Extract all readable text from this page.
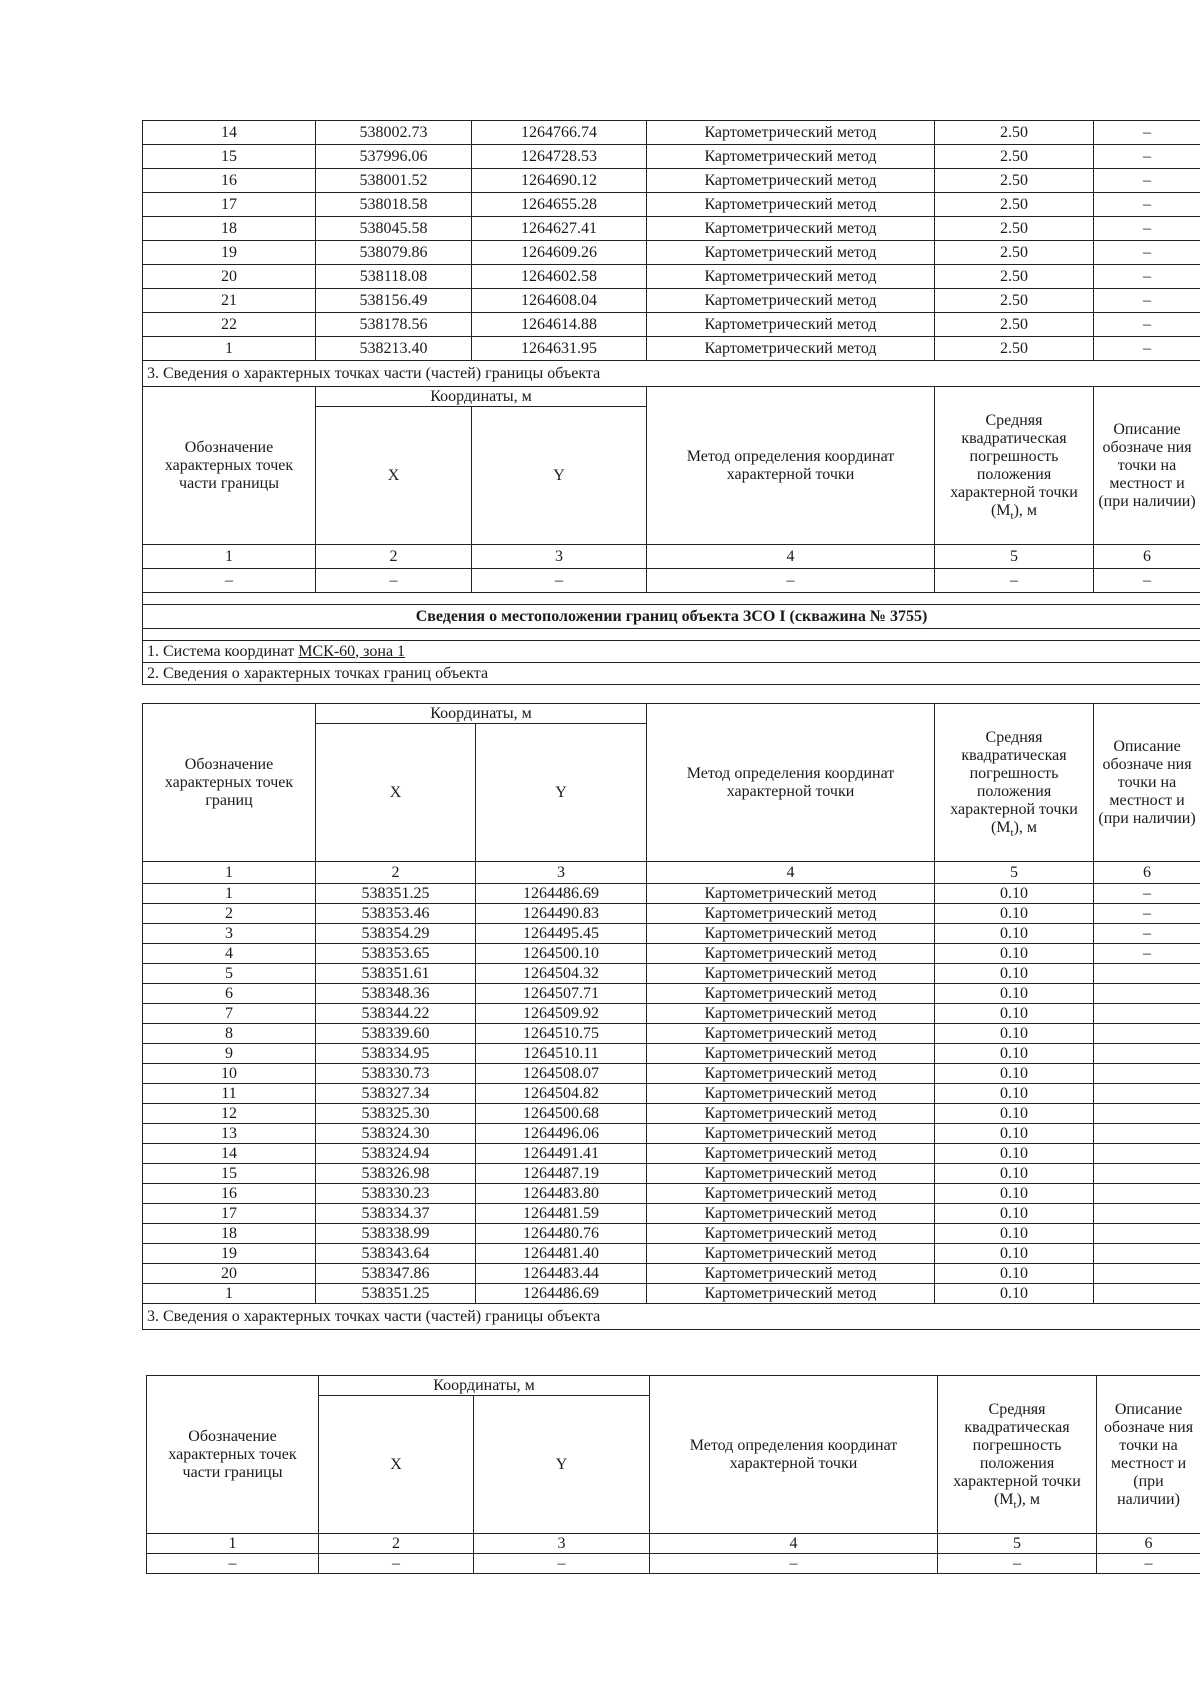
14	538002.73	1264766.74	Картометрический метод	2.50	–
15	537996.06	1264728.53	Картометрический метод	2.50	–
16	538001.52	1264690.12	Картометрический метод	2.50	–
17	538018.58	1264655.28	Картометрический метод	2.50	–
18	538045.58	1264627.41	Картометрический метод	2.50	–
19	538079.86	1264609.26	Картометрический метод	2.50	–
20	538118.08	1264602.58	Картометрический метод	2.50	–
21	538156.49	1264608.04	Картометрический метод	2.50	–
22	538178.56	1264614.88	Картометрический метод	2.50	–
1	538213.40	1264631.95	Картометрический метод	2.50	–
3. Сведения о характерных точках части (частей) границы объекта					
Обозначение характерных точек части границы	Координаты, м		Метод определения координат характерной точки	Средняя квадратическая погрешность положения характерной точки $(M_t)$, м	Описание обозначе ния точки на местност и (при наличии)
	X	Y			
1	2	3	4	5	6
–	–	–	–	–	–

Сведения о местоположении границ объекта ЗСО I (скважина № 3755)					

1. Система координат МСК-60, зона 1					
2. Сведения о характерных точках границ объекта					
Обозначение характерных точек границ	Координаты, м		Метод определения координат характерной точки	Средняя квадратическая погрешность положения характерной точки $(M_t)$, м	Описание обозначе ния точки на местност и (при наличии)
	X	Y			
1	2	3	4	5	6
1	538351.25	1264486.69	Картометрический метод	0.10	–
2	538353.46	1264490.83	Картометрический метод	0.10	–
3	538354.29	1264495.45	Картометрический метод	0.10	–
4	538353.65	1264500.10	Картометрический метод	0.10	–
5	538351.61	1264504.32	Картометрический метод	0.10	
6	538348.36	1264507.71	Картометрический метод	0.10	
7	538344.22	1264509.92	Картометрический метод	0.10	
8	538339.60	1264510.75	Картометрический метод	0.10	
9	538334.95	1264510.11	Картометрический метод	0.10	
10	538330.73	1264508.07	Картометрический метод	0.10	
11	538327.34	1264504.82	Картометрический метод	0.10	
12	538325.30	1264500.68	Картометрический метод	0.10	
13	538324.30	1264496.06	Картометрический метод	0.10	
14	538324.94	1264491.41	Картометрический метод	0.10	
15	538326.98	1264487.19	Картометрический метод	0.10	
16	538330.23	1264483.80	Картометрический метод	0.10	
17	538334.37	1264481.59	Картометрический метод	0.10	
18	538338.99	1264480.76	Картометрический метод	0.10	
19	538343.64	1264481.40	Картометрический метод	0.10	
20	538347.86	1264483.44	Картометрический метод	0.10	
1	538351.25	1264486.69	Картометрический метод	0.10	
3. Сведения о характерных точках части (частей) границы объекта					
Обозначение характерных точек части границы	Координаты, м		Метод определения координат характерной точки	Средняя квадратическая погрешность положения характерной точки $(M_t)$, м	Описание обозначе ния точки на местност и (при наличии)
	X	Y			
1	2	3	4	5	6
–	–	–	–	–	–
